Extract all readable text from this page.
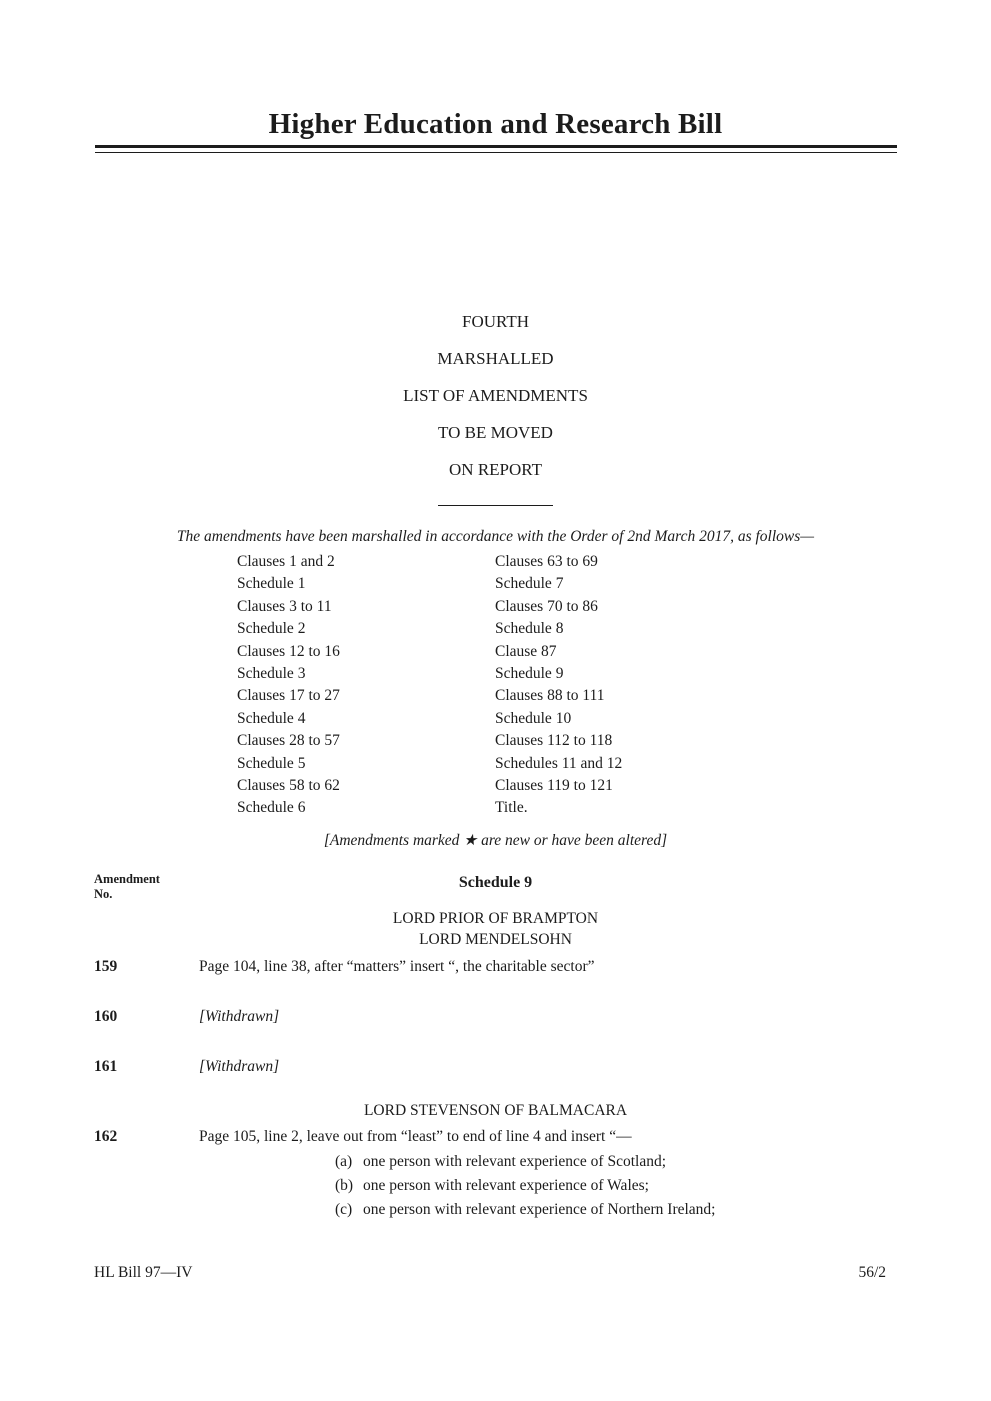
Higher Education and Research Bill
FOURTH
MARSHALLED
LIST OF AMENDMENTS
TO BE MOVED
ON REPORT
The amendments have been marshalled in accordance with the Order of 2nd March 2017, as follows—
Clauses 1 and 2
Schedule 1
Clauses 3 to 11
Schedule 2
Clauses 12 to 16
Schedule 3
Clauses 17 to 27
Schedule 4
Clauses 28 to 57
Schedule 5
Clauses 58 to 62
Schedule 6
Clauses 63 to 69
Schedule 7
Clauses 70 to 86
Schedule 8
Clause 87
Schedule 9
Clauses 88 to 111
Schedule 10
Clauses 112 to 118
Schedules 11 and 12
Clauses 119 to 121
Title.
[Amendments marked ★ are new or have been altered]
Amendment
No.
Schedule 9
LORD PRIOR OF BRAMPTON
LORD MENDELSOHN
159	Page 104, line 38, after “matters” insert “, the charitable sector”
160	[Withdrawn]
161	[Withdrawn]
LORD STEVENSON OF BALMACARA
162	Page 105, line 2, leave out from “least” to end of line 4 and insert “—
(a) one person with relevant experience of Scotland;
(b) one person with relevant experience of Wales;
(c) one person with relevant experience of Northern Ireland;
HL Bill 97—IV	56/2
